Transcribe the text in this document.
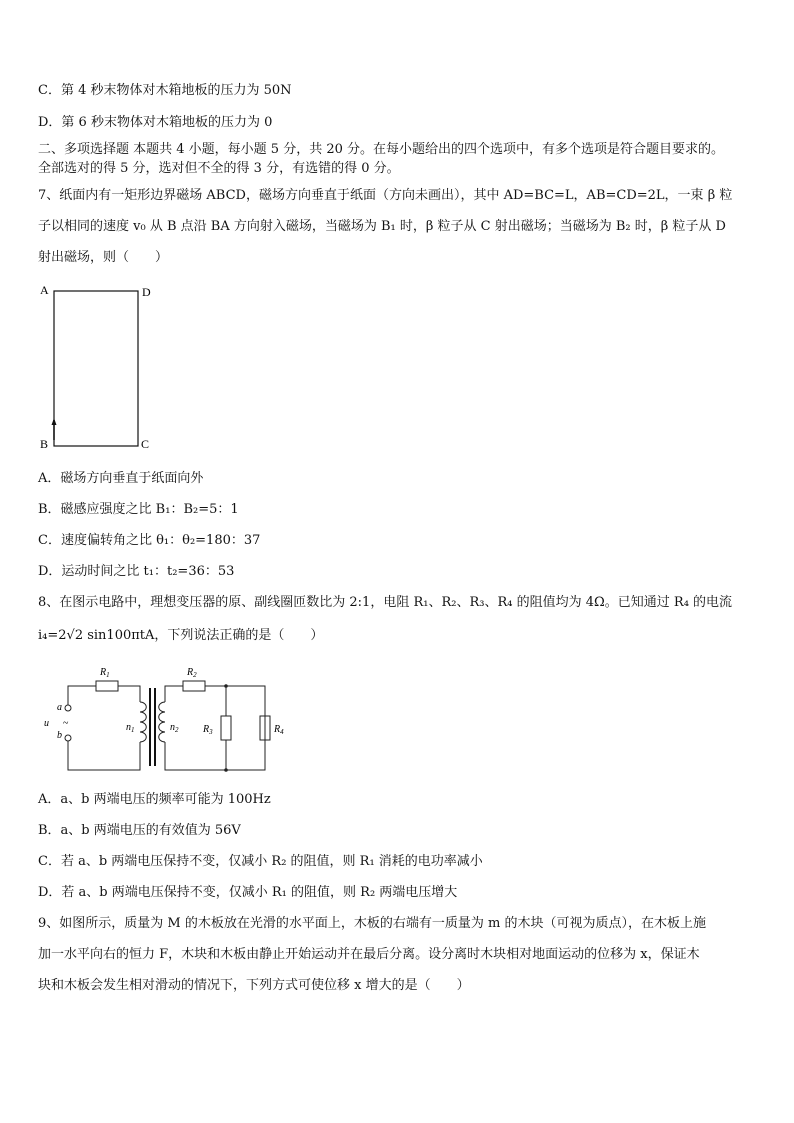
C．第 4 秒末物体对木箱地板的压力为 50N
D．第 6 秒末物体对木箱地板的压力为 0
二、多项选择题 本题共 4 小题，每小题 5 分，共 20 分。在每小题给出的四个选项中，有多个选项是符合题目要求的。
全部选对的得 5 分，选对但不全的得 3 分，有选错的得 0 分。
7、纸面内有一矩形边界磁场 ABCD，磁场方向垂直于纸面（方向未画出），其中 AD=BC=L，AB=CD=2L，一束 β 粒
子以相同的速度 v₀ 从 B 点沿 BA 方向射入磁场，当磁场为 B₁ 时，β 粒子从 C 射出磁场；当磁场为 B₂ 时，β 粒子从 D
射出磁场，则（　　）
A	D
B	C
A．磁场方向垂直于纸面向外
B．磁感应强度之比 B₁：B₂=5：1
C．速度偏转角之比 θ₁：θ₂=180：37
D．运动时间之比 t₁：t₂=36：53
8、在图示电路中，理想变压器的原、副线圈匝数比为 2:1，电阻 R₁、R₂、R₃、R₄ 的阻值均为 4Ω。已知通过 R₄ 的电流
i₄=2√2 sin100πtA，下列说法正确的是（　　）
$R_1$	$R_2$
$R_3$	$R_4$
$n_1$	$n_2$
a
b
u ~
A．a、b 两端电压的频率可能为 100Hz
B．a、b 两端电压的有效值为 56V
C．若 a、b 两端电压保持不变，仅减小 R₂ 的阻值，则 R₁ 消耗的电功率减小
D．若 a、b 两端电压保持不变，仅减小 R₁ 的阻值，则 R₂ 两端电压增大
9、如图所示，质量为 M 的木板放在光滑的水平面上，木板的右端有一质量为 m 的木块（可视为质点），在木板上施
加一水平向右的恒力 F，木块和木板由静止开始运动并在最后分离。设分离时木块相对地面运动的位移为 x，保证木
块和木板会发生相对滑动的情况下，下列方式可使位移 x 增大的是（　　）
